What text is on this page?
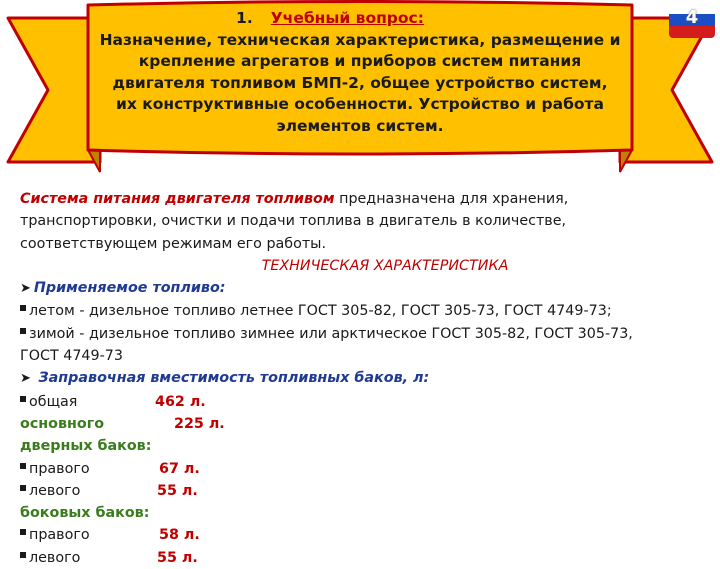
1. Учебный вопрос:
Назначение, техническая характеристика, размещение и
крепление агрегатов и приборов систем питания
двигателя топливом БМП-2, общее устройство систем,
их конструктивные особенности. Устройство и работа
элементов систем.
4
Система питания двигателя топливом предназначена для хранения,
транспортировки, очистки и подачи топлива в двигатель в количестве,
соответствующем режимам его работы.
ТЕХНИЧЕСКАЯ ХАРАКТЕРИСТИКА
➤ Применяемое топливо:
летом - дизельное топливо летнее ГОСТ 305-82, ГОСТ 305-73, ГОСТ 4749-73;
зимой - дизельное топливо зимнее или арктическое ГОСТ 305-82, ГОСТ 305-73,
ГОСТ 4749-73
➤ Заправочная вместимость топливных баков, л:
общая	462 л.
основного	225 л.
дверных баков:
правого	67 л.
левого	55 л.
боковых баков:
правого	58 л.
левого	55 л.
